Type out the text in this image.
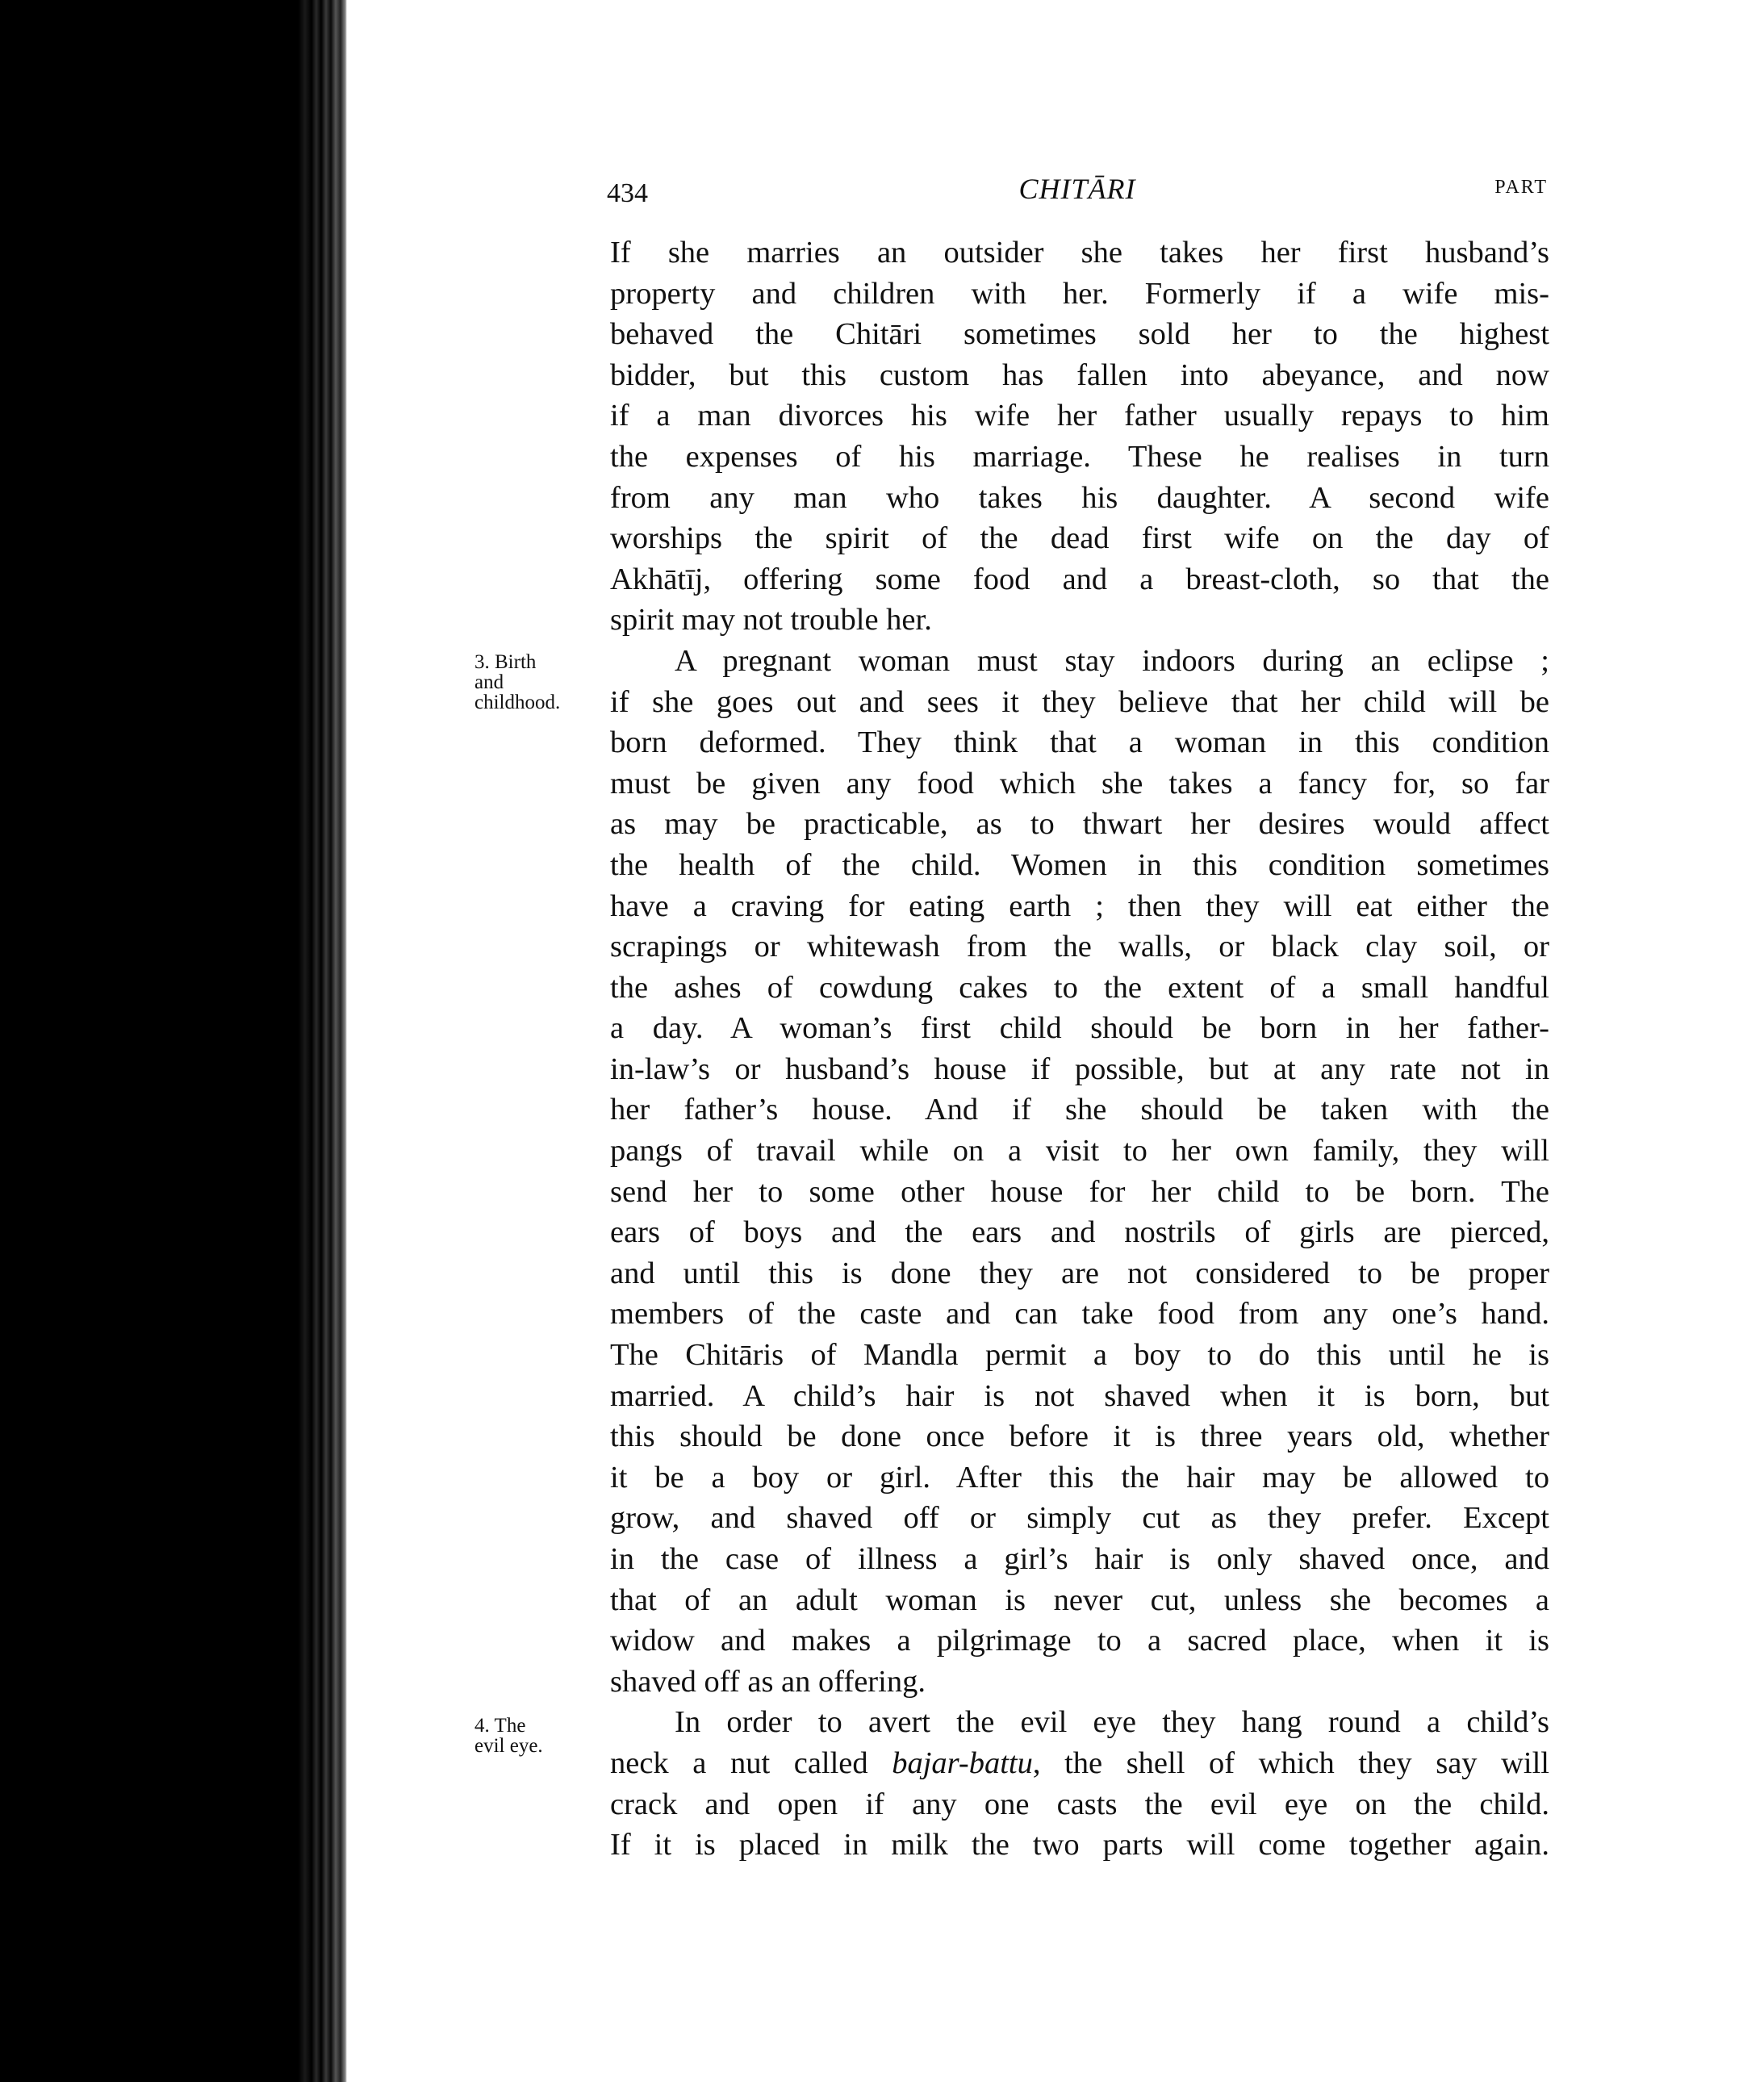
434	CHITĀRI	PART
3. Birth
and
childhood.
4. The
evil eye.
If she marries an outsider she takes her first husband’s
property and children with her. Formerly if a wife mis-
behaved the Chitāri sometimes sold her to the highest
bidder, but this custom has fallen into abeyance, and now
if a man divorces his wife her father usually repays to him
the expenses of his marriage. These he realises in turn
from any man who takes his daughter. A second wife
worships the spirit of the dead first wife on the day of
Akhātīj, offering some food and a breast-cloth, so that the
spirit may not trouble her.
A pregnant woman must stay indoors during an eclipse ;
if she goes out and sees it they believe that her child will be
born deformed. They think that a woman in this condition
must be given any food which she takes a fancy for, so far
as may be practicable, as to thwart her desires would affect
the health of the child. Women in this condition sometimes
have a craving for eating earth ; then they will eat either the
scrapings or whitewash from the walls, or black clay soil, or
the ashes of cowdung cakes to the extent of a small handful
a day. A woman’s first child should be born in her father-
in-law’s or husband’s house if possible, but at any rate not in
her father’s house. And if she should be taken with the
pangs of travail while on a visit to her own family, they will
send her to some other house for her child to be born. The
ears of boys and the ears and nostrils of girls are pierced,
and until this is done they are not considered to be proper
members of the caste and can take food from any one’s hand.
The Chitāris of Mandla permit a boy to do this until he is
married. A child’s hair is not shaved when it is born, but
this should be done once before it is three years old, whether
it be a boy or girl. After this the hair may be allowed to
grow, and shaved off or simply cut as they prefer. Except
in the case of illness a girl’s hair is only shaved once, and
that of an adult woman is never cut, unless she becomes a
widow and makes a pilgrimage to a sacred place, when it is
shaved off as an offering.
In order to avert the evil eye they hang round a child’s
neck a nut called bajar-battu, the shell of which they say will
crack and open if any one casts the evil eye on the child.
If it is placed in milk the two parts will come together again.
